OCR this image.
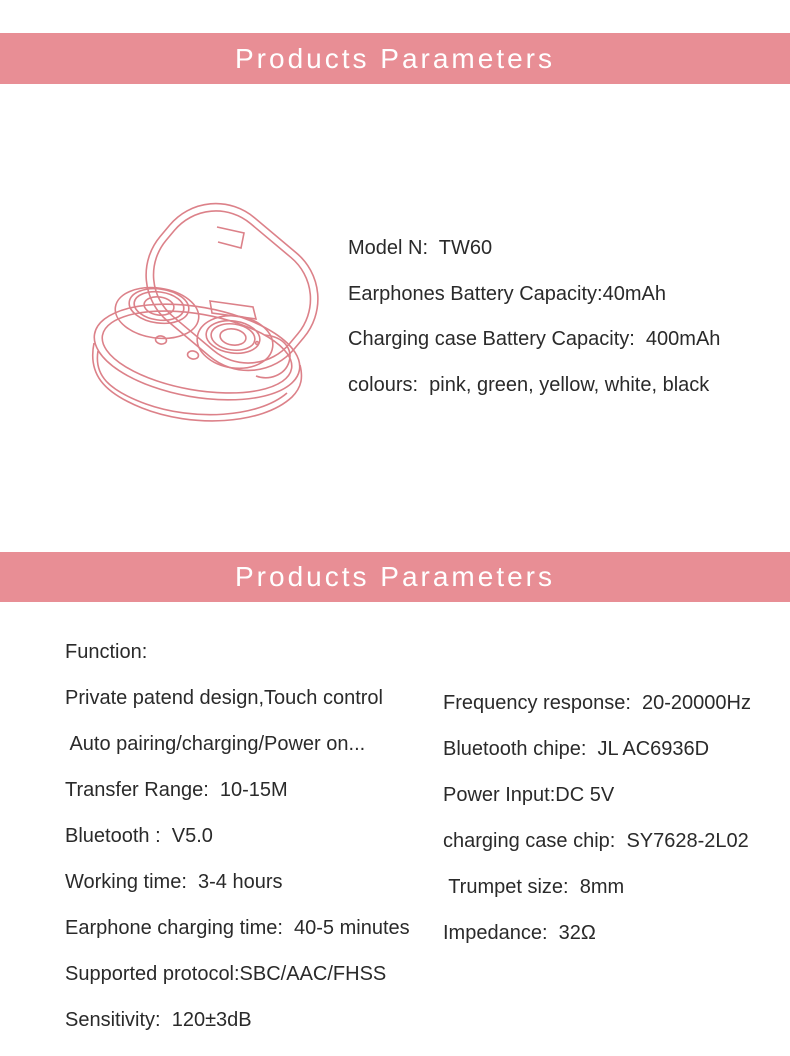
Products Parameters
Model N:  TW60
Earphones Battery Capacity:40mAh
Charging case Battery Capacity:  400mAh
colours:  pink, green, yellow, white, black
Products Parameters
Function:
Private patend design,Touch control
Auto pairing/charging/Power on...
Transfer Range:  10-15M
Bluetooth :  V5.0
Working time:  3-4 hours
Earphone charging time:  40-5 minutes
Supported protocol:SBC/AAC/FHSS
Sensitivity:  120±3dB
Frequency response:  20-20000Hz
Bluetooth chipe:  JL AC6936D
Power Input:DC 5V
charging case chip:  SY7628-2L02
Trumpet size:  8mm
Impedance:  32Ω
